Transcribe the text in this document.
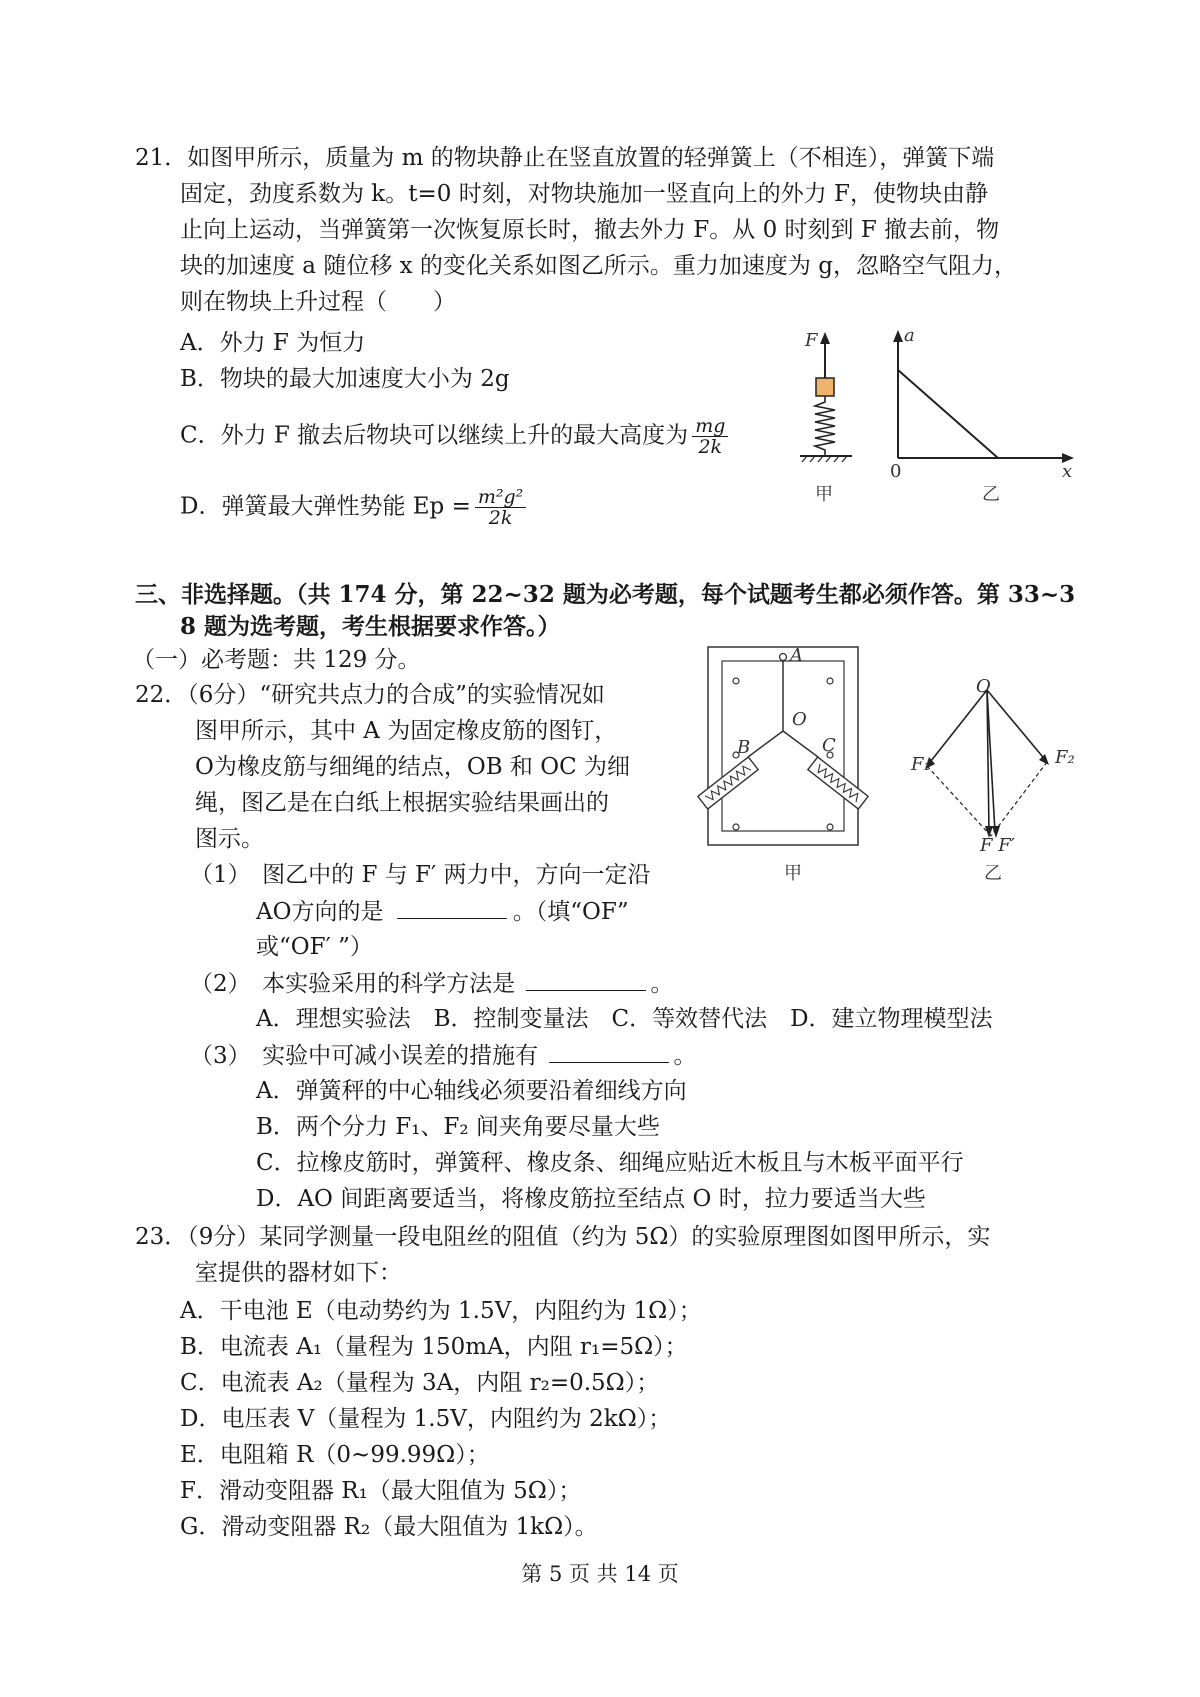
21．如图甲所示，质量为 m 的物块静止在竖直放置的轻弹簧上（不相连），弹簧下端
固定，劲度系数为 k。t=0 时刻，对物块施加一竖直向上的外力 F，使物块由静
止向上运动，当弹簧第一次恢复原长时，撤去外力 F。从 0 时刻到 F 撤去前，物
块的加速度 a 随位移 x 的变化关系如图乙所示。重力加速度为 g，忽略空气阻力，
则在物块上升过程（　　）
A．外力 F 为恒力
B．物块的最大加速度大小为 2g
C．外力 F 撤去后物块可以继续上升的最大高度为 $\frac{mg}{2k}$
D．弹簧最大弹性势能 $Ep = \frac{\text{m²g²}}{2k}$
F
甲
a
x
0
乙
三、非选择题。（共 174 分，第 22~32 题为必考题，每个试题考生都必须作答。第 33~3
8 题为选考题，考生根据要求作答。）
（一）必考题：共 129 分。
22．（6分）“研究共点力的合成”的实验情况如
图甲所示，其中 A 为固定橡皮筋的图钉，
O为橡皮筋与细绳的结点，OB 和 OC 为细
绳，图乙是在白纸上根据实验结果画出的
图示。
（1）　图乙中的 F 与 F′ 两力中，方向一定沿
AO方向的是	。（填“OF”
或“OF′ ”）
（2）　本实验采用的科学方法是	。
A．理想实验法　B．控制变量法　C．等效替代法　D．建立物理模型法
（3）　实验中可减小误差的措施有	。
A．弹簧秤的中心轴线必须要沿着细线方向
B．两个分力 F₁、F₂ 间夹角要尽量大些
C．拉橡皮筋时，弹簧秤、橡皮条、细绳应贴近木板且与木板平面平行
D．AO 间距离要适当，将橡皮筋拉至结点 O 时，拉力要适当大些
A
O
B	C
甲
O
F₁	F₂
F F′
乙
23．（9分）某同学测量一段电阻丝的阻值（约为 5Ω）的实验原理图如图甲所示，实
室提供的器材如下：
A．干电池 E（电动势约为 1.5V，内阻约为 1Ω）；
B．电流表 A₁（量程为 150mA，内阻 r₁=5Ω）；
C．电流表 A₂（量程为 3A，内阻 r₂=0.5Ω）；
D．电压表 V（量程为 1.5V，内阻约为 2kΩ）；
E．电阻箱 R（0~99.99Ω）；
F．滑动变阻器 R₁（最大阻值为 5Ω）；
G．滑动变阻器 R₂（最大阻值为 1kΩ）。
第 5 页 共 14 页
